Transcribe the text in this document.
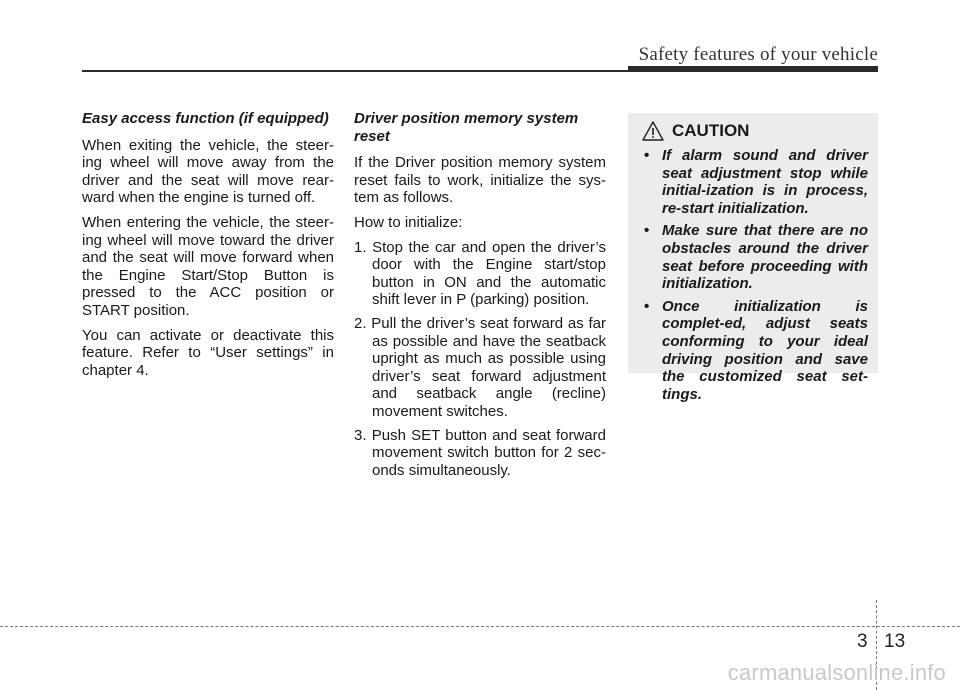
Safety features of your vehicle
Easy access function (if equipped)

When exiting the vehicle, the steer-ing wheel will move away from the driver and the seat will move rear-ward when the engine is turned off.

When entering the vehicle, the steer-ing wheel will move toward the driver and the seat will move forward when the Engine Start/Stop Button is pressed to the ACC position or START position.

You can activate or deactivate this feature. Refer to “User settings” in chapter 4.

Driver position memory system reset

If the Driver position memory system reset fails to work, initialize the sys-tem as follows.

How to initialize:

1. Stop the car and open the driver’s door with the Engine start/stop button in ON and the automatic shift lever in P (parking) position.
2. Pull the driver’s seat forward as far as possible and have the seatback upright as much as possible using driver’s seat forward adjustment and seatback angle (recline) movement switches.
3. Push SET button and seat forward movement switch button for 2 sec-onds simultaneously.
CAUTION
• If alarm sound and driver seat adjustment stop while initial-ization is in process, re-start initialization.
• Make sure that there are no obstacles around the driver seat before proceeding with initialization.
• Once initialization is complet-ed, adjust seats conforming to your ideal driving position and save the customized seat set-tings.
3 13
carmanualsonline.info
